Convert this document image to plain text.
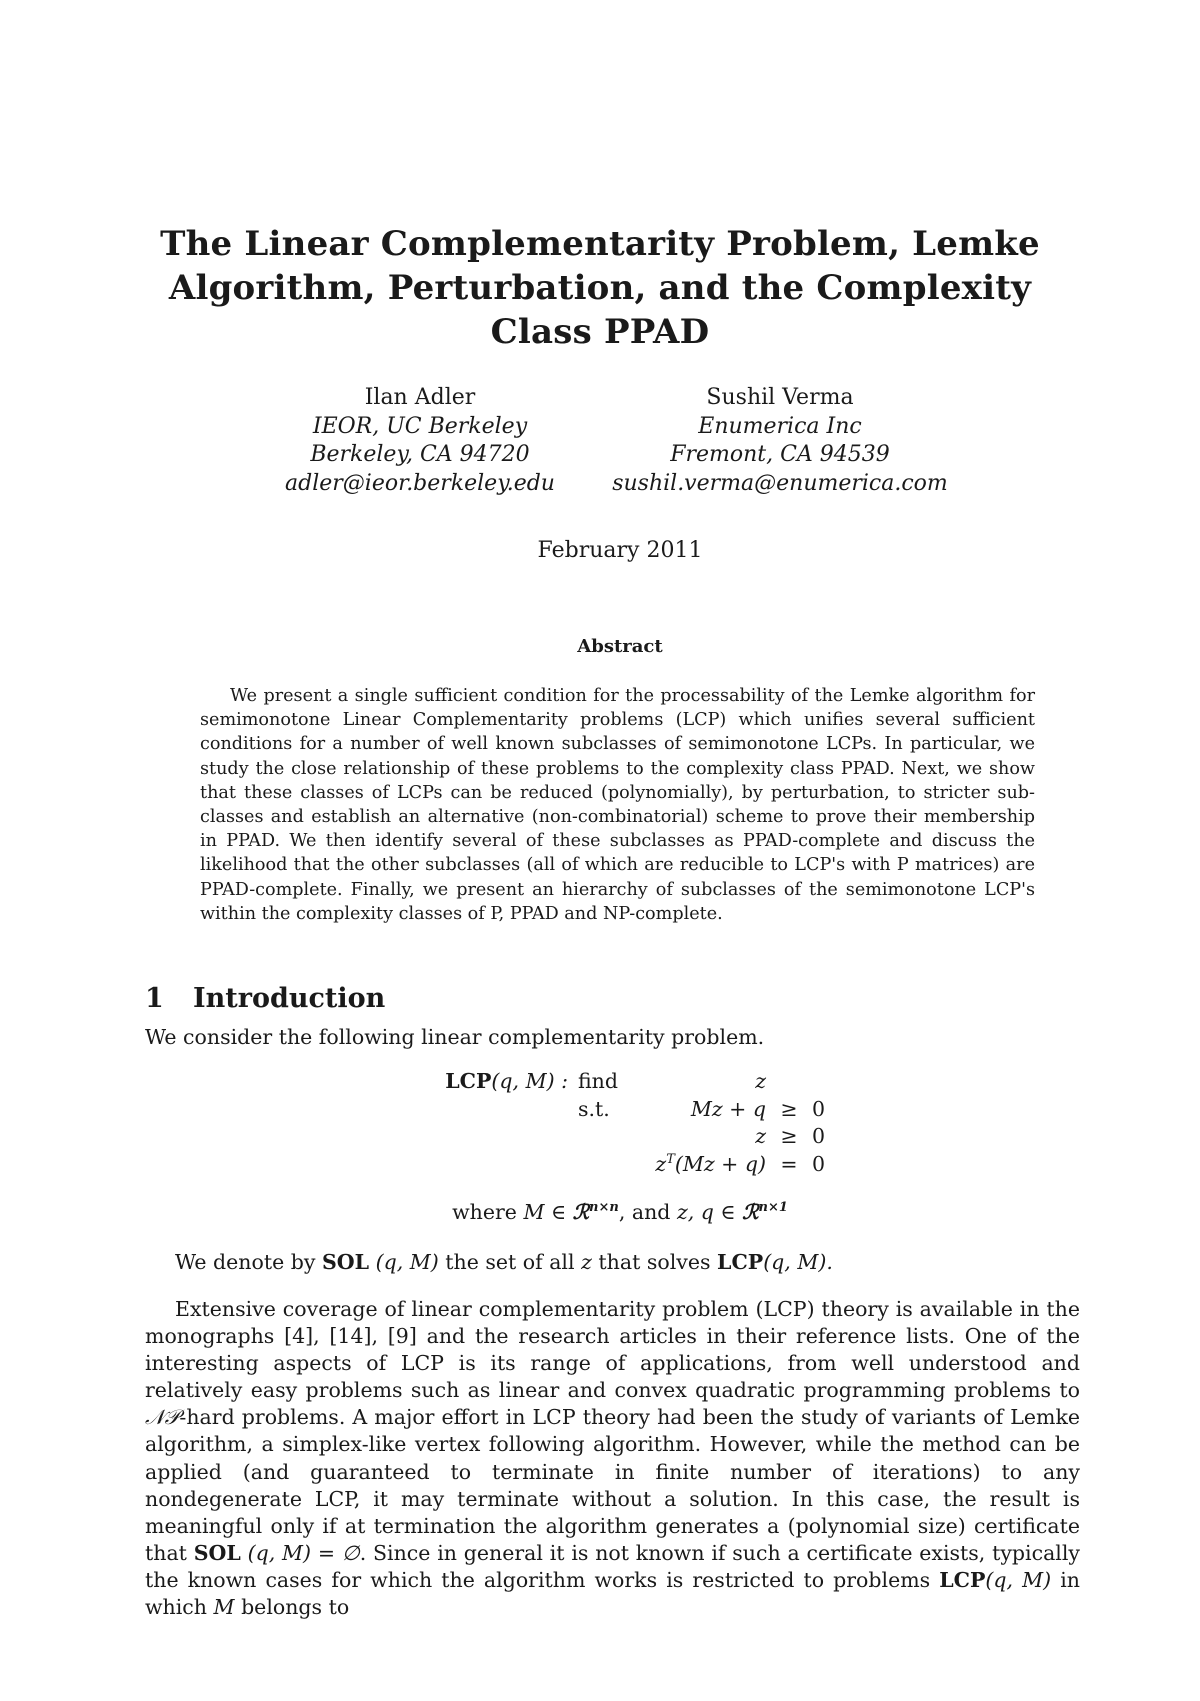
The Linear Complementarity Problem, Lemke Algorithm, Perturbation, and the Complexity Class PPAD
Ilan Adler
IEOR, UC Berkeley
Berkeley, CA 94720
adler@ieor.berkeley.edu
Sushil Verma
Enumerica Inc
Fremont, CA 94539
sushil.verma@enumerica.com
February 2011
Abstract
We present a single sufficient condition for the processability of the Lemke algorithm for semimonotone Linear Complementarity problems (LCP) which unifies several sufficient conditions for a number of well known subclasses of semimonotone LCPs. In particular, we study the close relationship of these problems to the complexity class PPAD. Next, we show that these classes of LCPs can be reduced (polynomially), by perturbation, to stricter sub-classes and establish an alternative (non-combinatorial) scheme to prove their membership in PPAD. We then identify several of these subclasses as PPAD-complete and discuss the likelihood that the other subclasses (all of which are reducible to LCP's with P matrices) are PPAD-complete. Finally, we present an hierarchy of subclasses of the semimonotone LCP's within the complexity classes of P, PPAD and NP-complete.
1 Introduction
We consider the following linear complementarity problem.
LCP(q, M) :	find	z		
	s.t.	Mz + q	≥	0
		z	≥	0
		$z^T(Mz + q)$	=	0
where M ∈ ℛ$^{n\times n}$, and z, q ∈ ℛ$^{n\times 1}$
We denote by SOL (q, M) the set of all z that solves LCP(q, M).
Extensive coverage of linear complementarity problem (LCP) theory is available in the monographs [4], [14], [9] and the research articles in their reference lists. One of the interesting aspects of LCP is its range of applications, from well understood and relatively easy problems such as linear and convex quadratic programming problems to 𝒩𝒫-hard problems. A major effort in LCP theory had been the study of variants of Lemke algorithm, a simplex-like vertex following algorithm. However, while the method can be applied (and guaranteed to terminate in finite number of iterations) to any nondegenerate LCP, it may terminate without a solution. In this case, the result is meaningful only if at termination the algorithm generates a (polynomial size) certificate that SOL (q, M) = ∅. Since in general it is not known if such a certificate exists, typically the known cases for which the algorithm works is restricted to problems LCP(q, M) in which M belongs to
